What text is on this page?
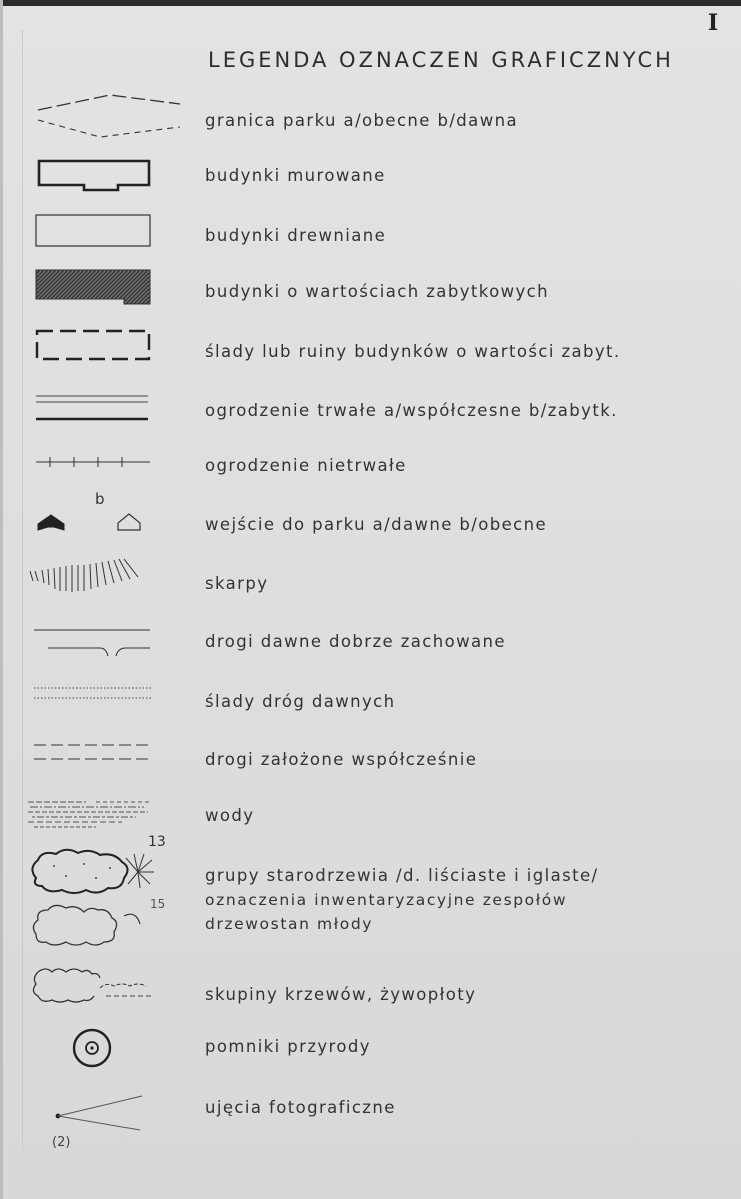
I
LEGENDA OZNACZEN GRAFICZNYCH
granica parku a/obecne b/dawna
budynki murowane
budynki drewniane
budynki o wartościach zabytkowych
ślady lub ruiny budynków o wartości zabyt.
ogrodzenie trwałe a/współczesne b/zabytk.
ogrodzenie nietrwałe
b
wejście do parku a/dawne b/obecne
skarpy
drogi dawne dobrze zachowane
ślady dróg dawnych
drogi założone współcześnie
wody
13
grupy starodrzewia /d. liściaste i iglaste/
15	oznaczenia inwentaryzacyjne zespołów
drzewostan młody
skupiny krzewów, żywopłoty
pomniki przyrody
(2)
ujęcia fotograficzne
